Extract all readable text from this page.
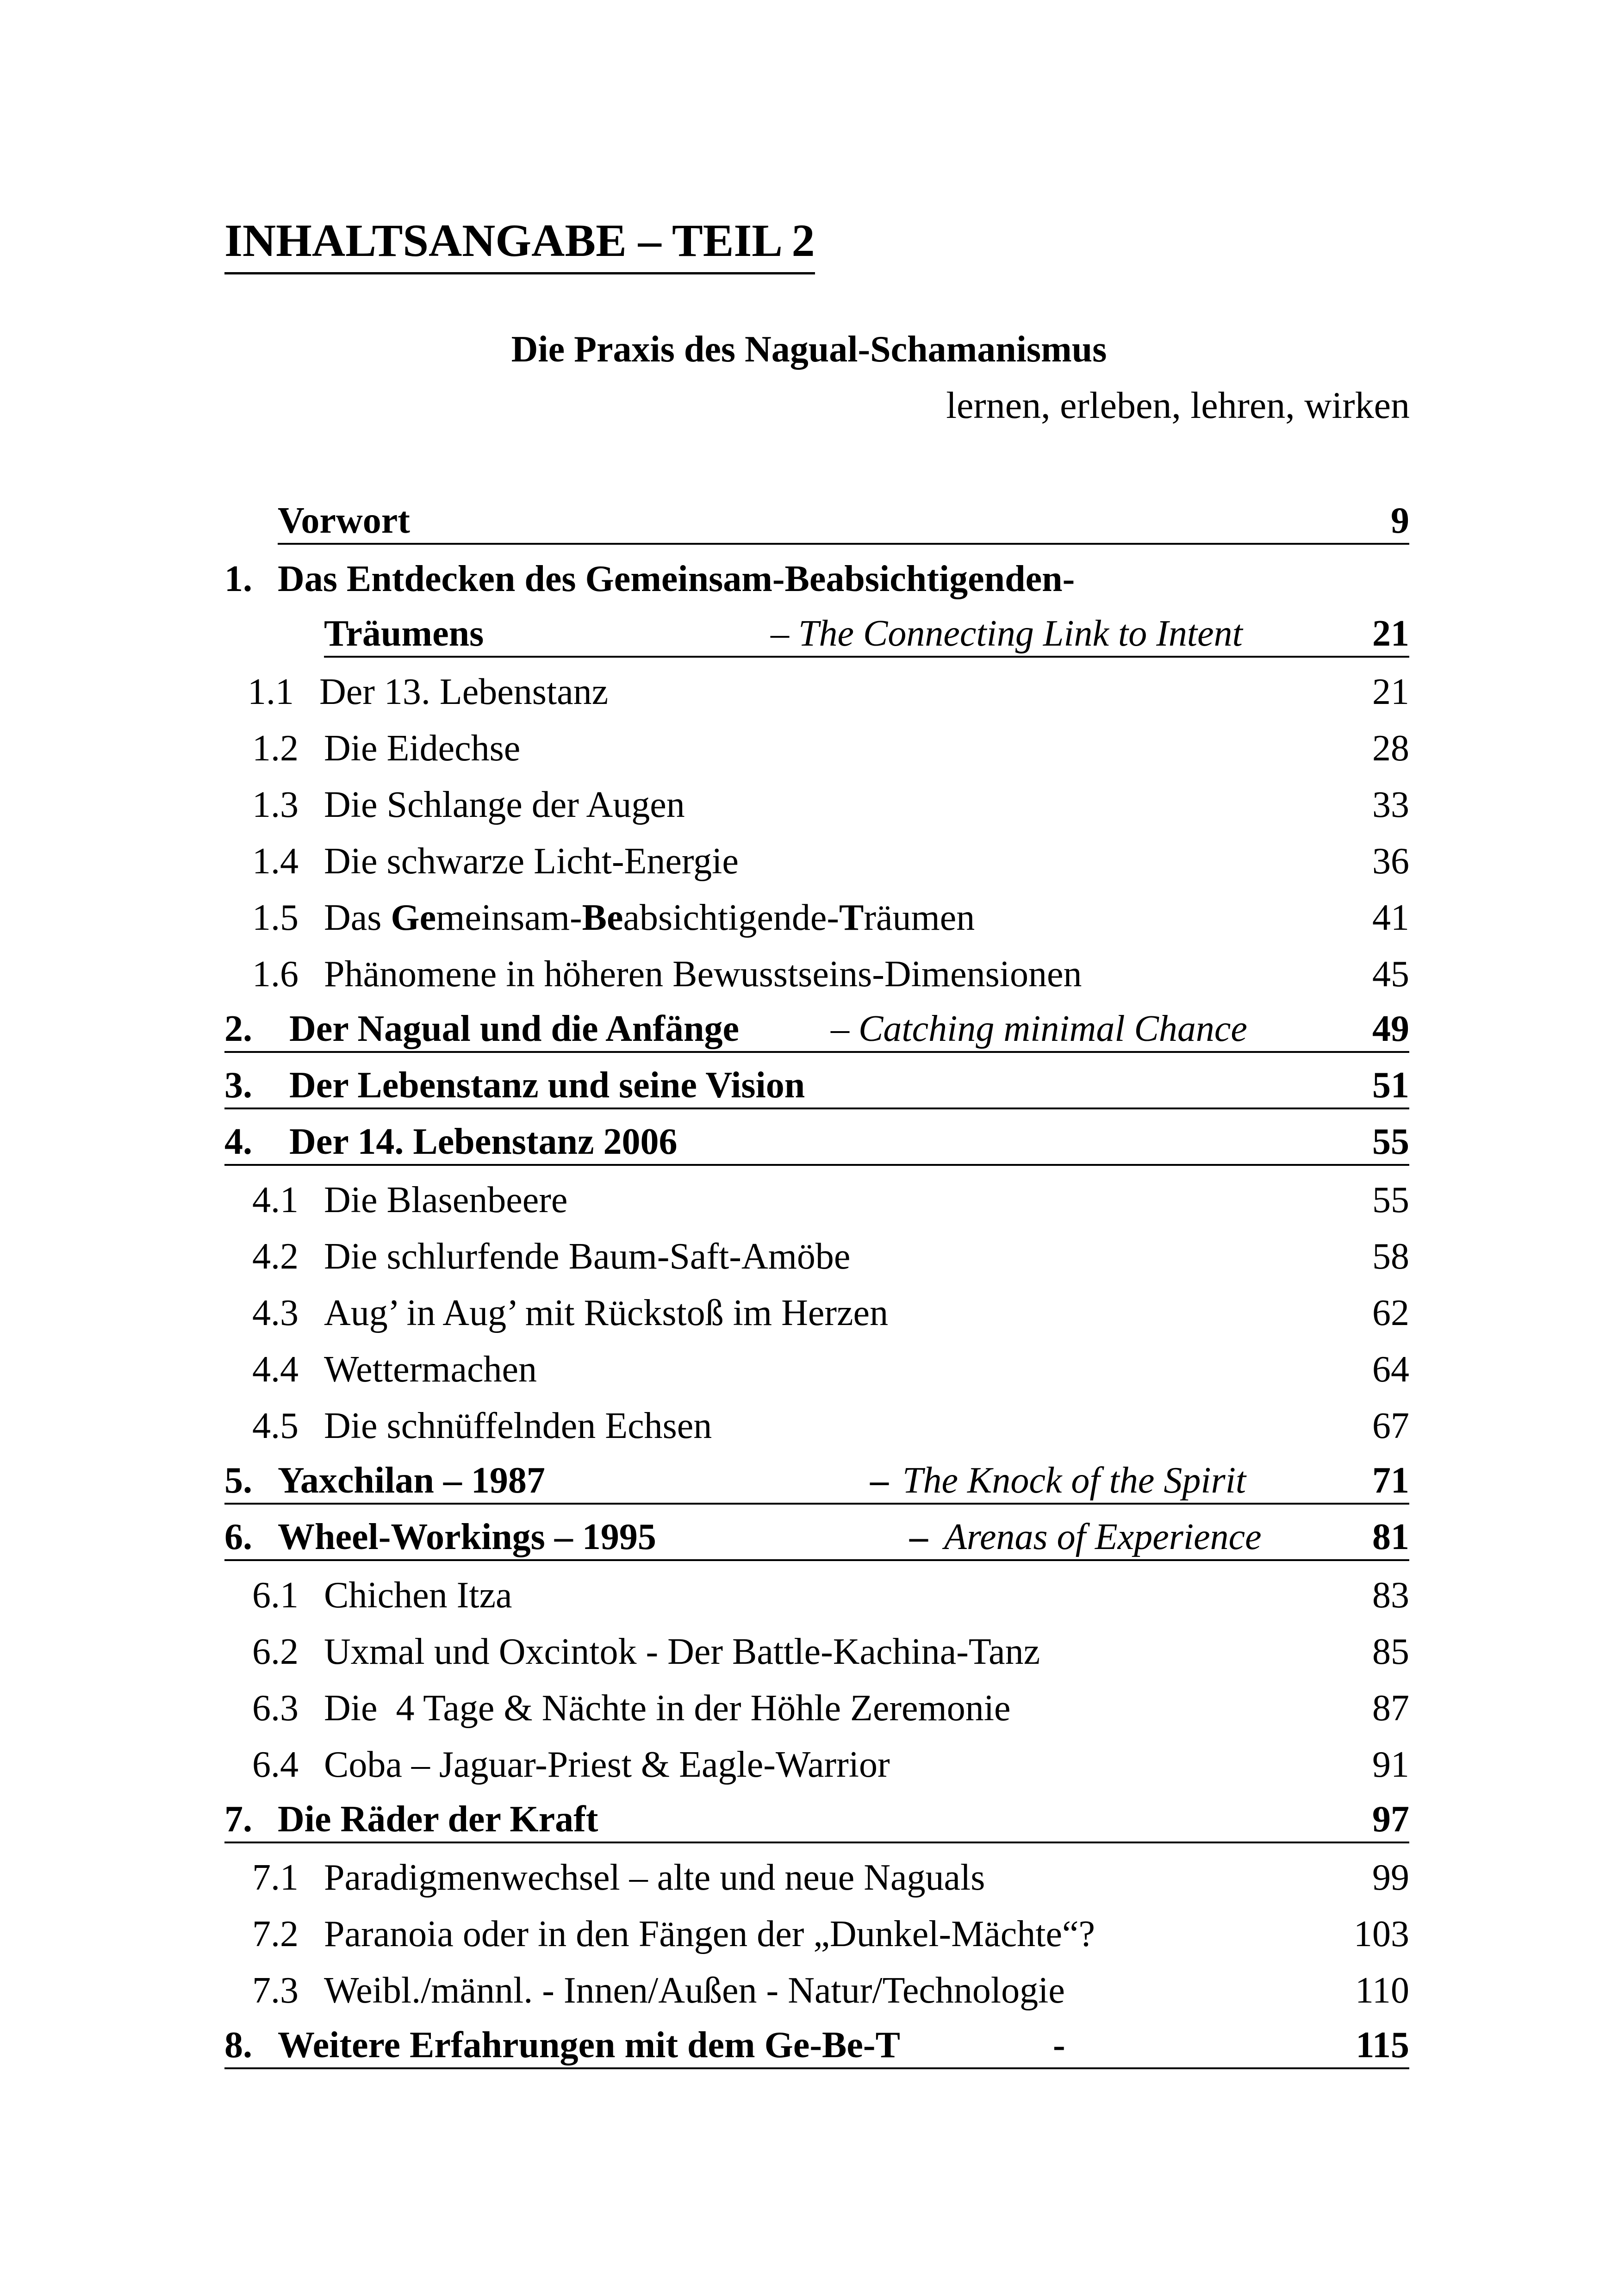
INHALTSANGABE – TEIL 2
Die Praxis des Nagual-Schamanismus
lernen, erleben, lehren, wirken
Vorwort	9
1. Das Entdecken des Gemeinsam-Beabsichtigenden-
Träumens	– The Connecting Link to Intent	21
1.1 Der 13. Lebenstanz	21
1.2 Die Eidechse	28
1.3 Die Schlange der Augen	33
1.4 Die schwarze Licht-Energie	36
1.5 Das Gemeinsam-Beabsichtigende-Träumen	41
1.6 Phänomene in höheren Bewusstseins-Dimensionen	45
2. Der Nagual und die Anfänge – Catching minimal Chance	49
3. Der Lebenstanz und seine Vision	51
4. Der 14. Lebenstanz 2006	55
4.1 Die Blasenbeere	55
4.2 Die schlurfende Baum-Saft-Amöbe	58
4.3 Aug’ in Aug’ mit Rückstoß im Herzen	62
4.4 Wettermachen	64
4.5 Die schnüffelnden Echsen	67
5. Yaxchilan – 1987	– The Knock of the Spirit	71
6. Wheel-Workings – 1995	– Arenas of Experience	81
6.1 Chichen Itza	83
6.2 Uxmal und Oxcintok - Der Battle-Kachina-Tanz	85
6.3 Die  4 Tage & Nächte in der Höhle Zeremonie	87
6.4 Coba – Jaguar-Priest & Eagle-Warrior	91
7. Die Räder der Kraft	97
7.1 Paradigmenwechsel – alte und neue Naguals	99
7.2 Paranoia oder in den Fängen der „Dunkel-Mächte“?	103
7.3 Weibl./männl. - Innen/Außen - Natur/Technologie	110
8. Weitere Erfahrungen mit dem Ge-Be-T	-	115
